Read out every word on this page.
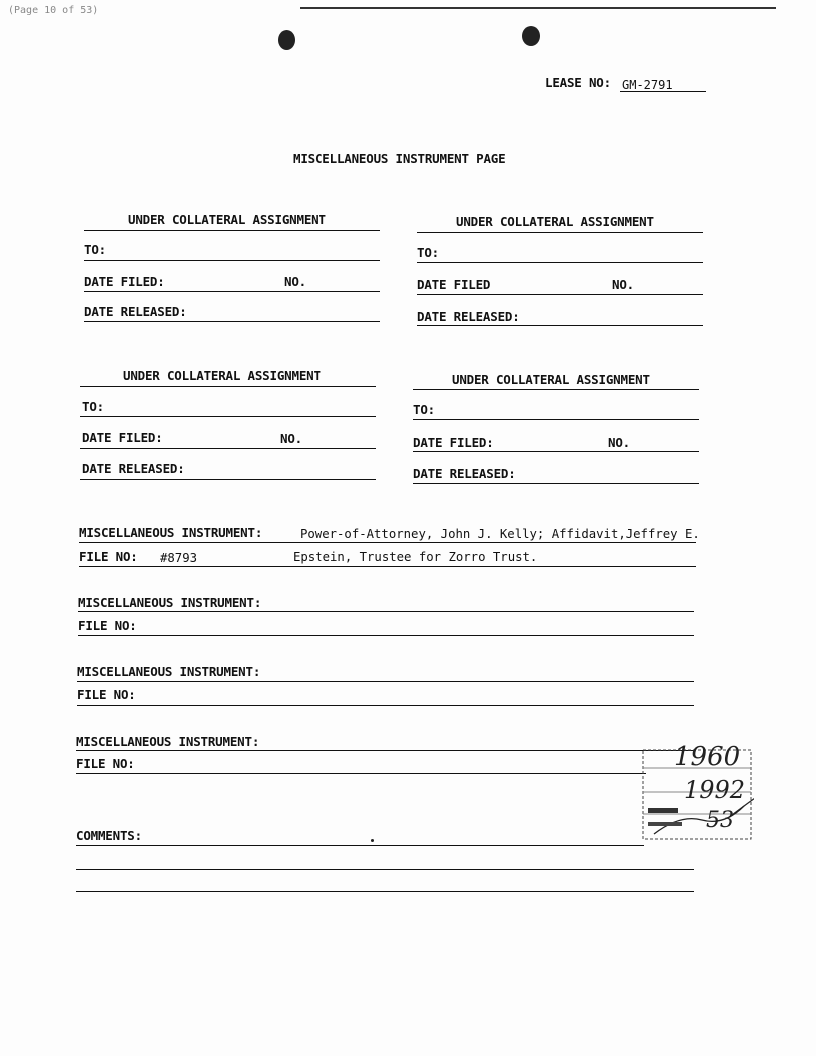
(Page 10 of 53)
LEASE NO: GM-2791
MISCELLANEOUS INSTRUMENT PAGE
UNDER COLLATERAL ASSIGNMENT
TO:
DATE FILED:	NO.
DATE RELEASED:
UNDER COLLATERAL ASSIGNMENT
TO:
DATE FILED	NO.
DATE RELEASED:
UNDER COLLATERAL ASSIGNMENT
TO:
DATE FILED:	NO.
DATE RELEASED:
UNDER COLLATERAL ASSIGNMENT
TO:
DATE FILED:	NO.
DATE RELEASED:
MISCELLANEOUS INSTRUMENT:	Power-of-Attorney, John J. Kelly; Affidavit,Jeffrey E.
FILE NO: #8793	Epstein, Trustee for Zorro Trust.
MISCELLANEOUS INSTRUMENT:
FILE NO:
MISCELLANEOUS INSTRUMENT:
FILE NO:
MISCELLANEOUS INSTRUMENT:
FILE NO:
COMMENTS:
1960
1992
53
